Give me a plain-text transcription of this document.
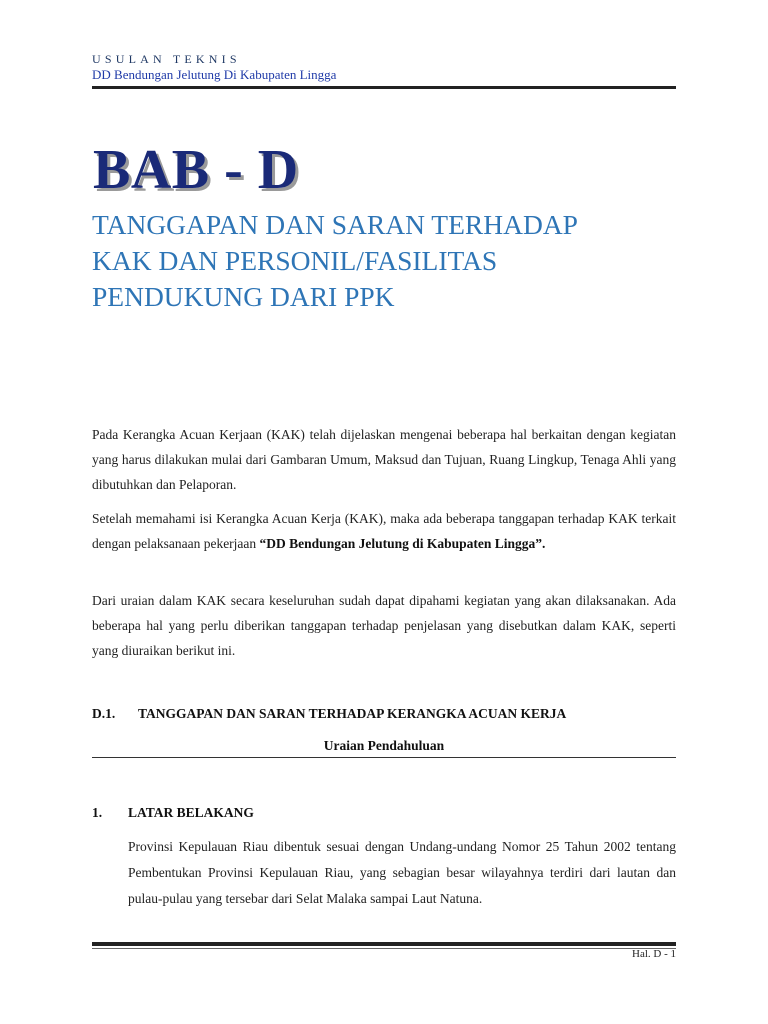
USULAN TEKNIS
DD Bendungan Jelutung Di Kabupaten Lingga
BAB - D
TANGGAPAN DAN SARAN TERHADAP
KAK DAN PERSONIL/FASILITAS
PENDUKUNG DARI PPK
Pada Kerangka Acuan Kerjaan (KAK) telah dijelaskan mengenai beberapa hal berkaitan dengan kegiatan yang harus dilakukan mulai dari Gambaran Umum, Maksud dan Tujuan, Ruang Lingkup, Tenaga Ahli yang dibutuhkan dan Pelaporan.
Setelah memahami isi Kerangka Acuan Kerja (KAK), maka ada beberapa tanggapan terhadap KAK terkait dengan pelaksanaan pekerjaan “DD Bendungan Jelutung di Kabupaten Lingga”.
Dari uraian dalam KAK secara keseluruhan sudah dapat dipahami kegiatan yang akan dilaksanakan. Ada beberapa hal yang perlu diberikan tanggapan terhadap penjelasan yang disebutkan dalam KAK, seperti yang diuraikan berikut ini.
D.1. TANGGAPAN DAN SARAN TERHADAP KERANGKA ACUAN KERJA
Uraian Pendahuluan
1. LATAR BELAKANG
Provinsi Kepulauan Riau dibentuk sesuai dengan Undang-undang Nomor 25 Tahun 2002 tentang Pembentukan Provinsi Kepulauan Riau, yang sebagian besar wilayahnya terdiri dari lautan dan pulau-pulau yang tersebar dari Selat Malaka sampai Laut Natuna.
Hal. D - 1
